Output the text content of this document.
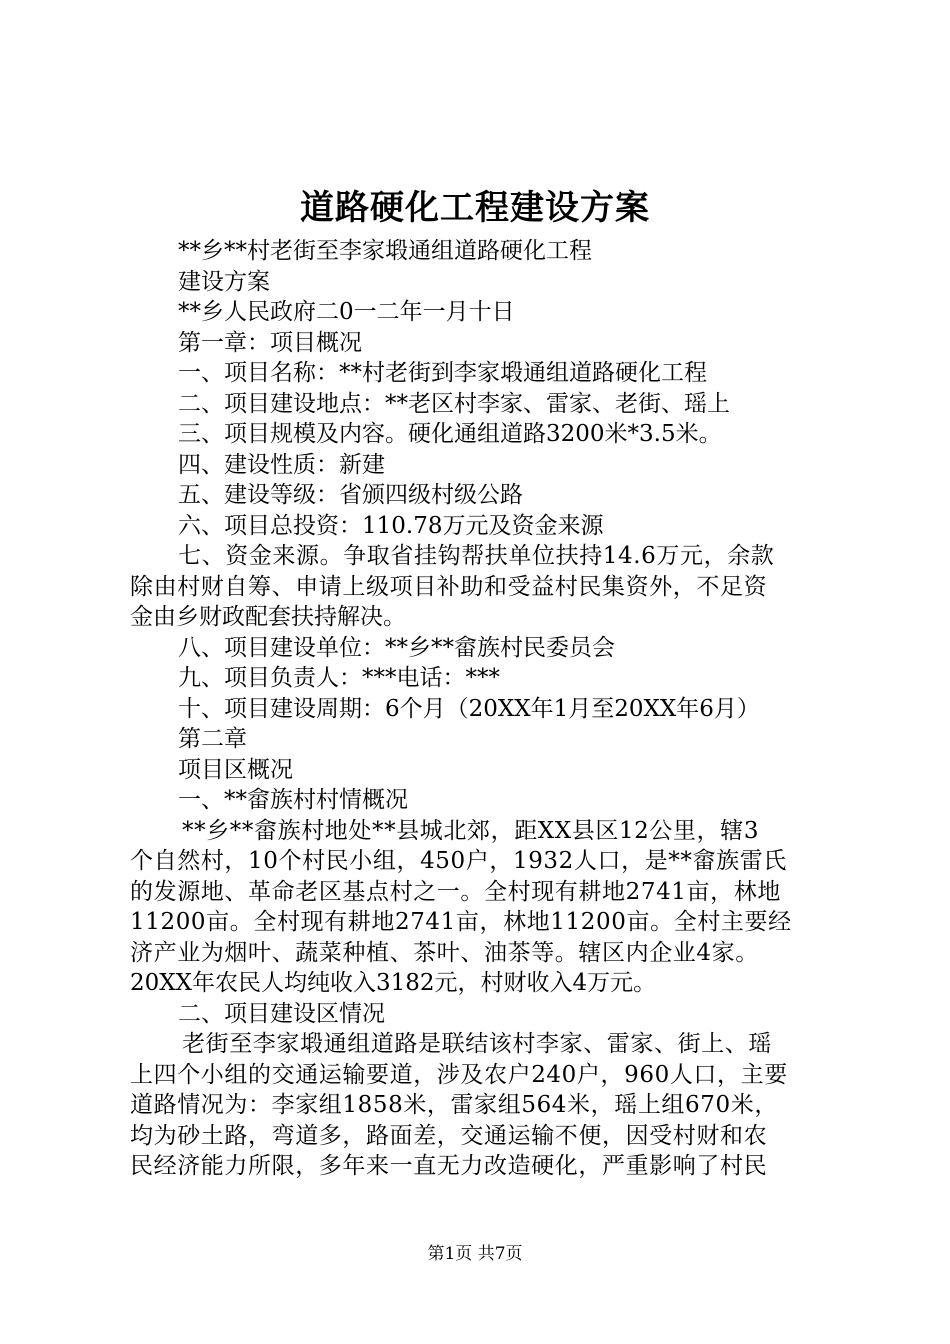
道路硬化工程建设方案

**乡**村老街至李家塅通组道路硬化工程

建设方案

**乡人民政府二0一二年一月十日

第一章：项目概况

一、项目名称：**村老街到李家塅通组道路硬化工程

二、项目建设地点：**老区村李家、雷家、老街、瑶上

三、项目规模及内容。硬化通组道路3200米*3.5米。

四、建设性质：新建

五、建设等级：省颁四级村级公路

六、项目总投资：110.78万元及资金来源

七、资金来源。争取省挂钩帮扶单位扶持14.6万元，余款

除由村财自筹、申请上级项目补助和受益村民集资外，不足资

金由乡财政配套扶持解决。

八、项目建设单位：**乡**畲族村民委员会

九、项目负责人：***电话：***

十、项目建设周期：6个月（20XX年1月至20XX年6月）

第二章

项目区概况

一、**畲族村村情概况

**乡**畲族村地处**县城北郊，距XX县区12公里，辖3

个自然村，10个村民小组，450户，1932人口，是**畲族雷氏

的发源地、革命老区基点村之一。全村现有耕地2741亩，林地

11200亩。全村现有耕地2741亩，林地11200亩。全村主要经

济产业为烟叶、蔬菜种植、茶叶、油茶等。辖区内企业4家。

20XX年农民人均纯收入3182元，村财收入4万元。

二、项目建设区情况

老街至李家塅通组道路是联结该村李家、雷家、街上、瑶

上四个小组的交通运输要道，涉及农户240户，960人口，主要

道路情况为：李家组1858米，雷家组564米，瑶上组670米，

均为砂土路，弯道多，路面差，交通运输不便，因受村财和农

民经济能力所限，多年来一直无力改造硬化，严重影响了村民

第1页 共7页
